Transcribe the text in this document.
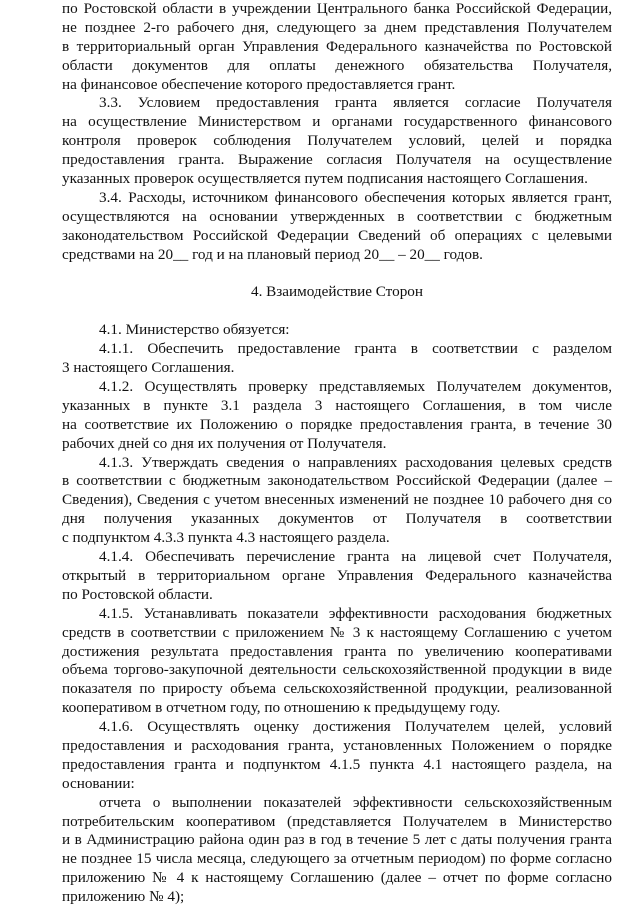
по Ростовской области в учреждении Центрального банка Российской Федерации,
не позднее 2-го рабочего дня, следующего за днем представления Получателем
в территориальный орган Управления Федерального казначейства по Ростовской
области документов для оплаты денежного обязательства Получателя,
на финансовое обеспечение которого предоставляется грант.
3.3. Условием предоставления гранта является согласие Получателя
на осуществление Министерством и органами государственного финансового
контроля проверок соблюдения Получателем условий, целей и порядка
предоставления гранта. Выражение согласия Получателя на осуществление
указанных проверок осуществляется путем подписания настоящего Соглашения.
3.4. Расходы, источником финансового обеспечения которых является грант,
осуществляются на основании утвержденных в соответствии с бюджетным
законодательством Российской Федерации Сведений об операциях с целевыми
средствами на 20__ год и на плановый период 20__ – 20__ годов.
4. Взаимодействие Сторон
4.1. Министерство обязуется:
4.1.1. Обеспечить предоставление гранта в соответствии с разделом
3 настоящего Соглашения.
4.1.2. Осуществлять проверку представляемых Получателем документов,
указанных в пункте 3.1 раздела 3 настоящего Соглашения, в том числе
на соответствие их Положению о порядке предоставления гранта, в течение 30
рабочих дней со дня их получения от Получателя.
4.1.3. Утверждать сведения о направлениях расходования целевых средств
в соответствии с бюджетным законодательством Российской Федерации (далее –
Сведения), Сведения с учетом внесенных изменений не позднее 10 рабочего дня со
дня получения указанных документов от Получателя в соответствии
с подпунктом 4.3.3 пункта 4.3 настоящего раздела.
4.1.4. Обеспечивать перечисление гранта на лицевой счет Получателя,
открытый в территориальном органе Управления Федерального казначейства
по Ростовской области.
4.1.5. Устанавливать показатели эффективности расходования бюджетных
средств в соответствии с приложением № 3 к настоящему Соглашению с учетом
достижения результата предоставления гранта по увеличению кооперативами
объема торгово-закупочной деятельности сельскохозяйственной продукции в виде
показателя по приросту объема сельскохозяйственной продукции, реализованной
кооперативом в отчетном году, по отношению к предыдущему году.
4.1.6. Осуществлять оценку достижения Получателем целей, условий
предоставления и расходования гранта, установленных Положением о порядке
предоставления гранта и подпунктом 4.1.5 пункта 4.1 настоящего раздела, на
основании:
отчета о выполнении показателей эффективности сельскохозяйственным
потребительским кооперативом (представляется Получателем в Министерство
и в Администрацию района один раз в год в течение 5 лет с даты получения гранта
не позднее 15 числа месяца, следующего за отчетным периодом) по форме согласно
приложению № 4 к настоящему Соглашению (далее – отчет по форме согласно
приложению № 4);
